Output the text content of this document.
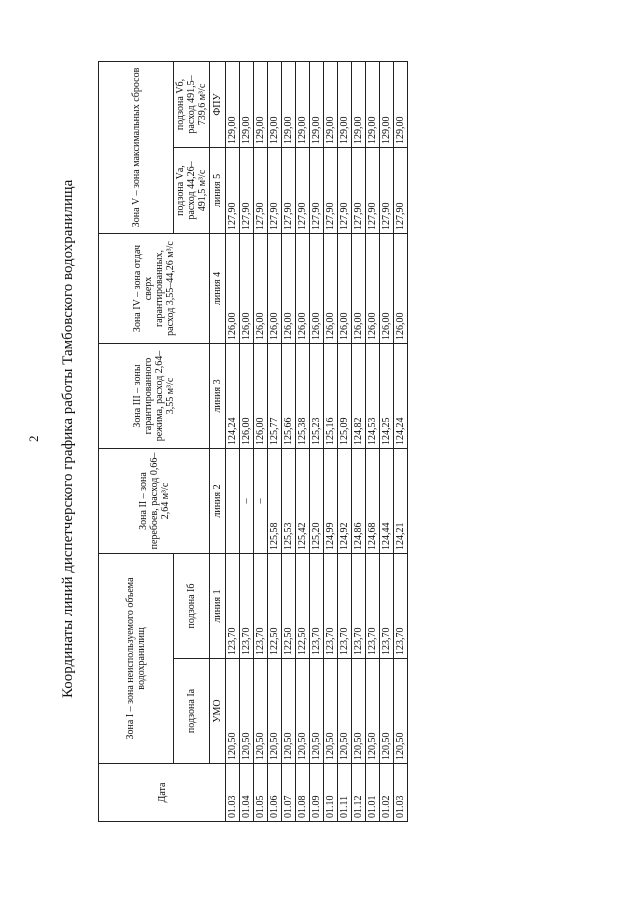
2 Координаты линий диспетчерского графика работы Тамбовского водохранилища
Дата	Зона I – зона неиспользуемого объема водохранилищ		Зона II – зона перебоев, расход 0,66–2,64 м³/с	Зона III – зоны гарантированного режима, расход 2,64–3,55 м³/с	Зона IV – зона отдач сверх гарантированных, расход 3,55–44,26 м³/с	Зона V – зона максимальных сбросов	
	подзона Iа	подзона Iб				подзона Vа, расход 44,26–491,5 м³/с	подзона Vб, расход 491,5–739,6 м³/с
	УМО	линия 1	линия 2	линия 3	линия 4	линия 5	ФПУ
01.03	120,50	123,70		124,24	126,00	127,90	129,00
01.04	120,50	123,70	–	126,00	126,00	127,90	129,00
01.05	120,50	123,70	–	126,00	126,00	127,90	129,00
01.06	120,50	122,50	125,58	125,77	126,00	127,90	129,00
01.07	120,50	122,50	125,53	125,66	126,00	127,90	129,00
01.08	120,50	122,50	125,42	125,38	126,00	127,90	129,00
01.09	120,50	123,70	125,20	125,23	126,00	127,90	129,00
01.10	120,50	123,70	124,99	125,16	126,00	127,90	129,00
01.11	120,50	123,70	124,92	125,09	126,00	127,90	129,00
01.12	120,50	123,70	124,86	124,82	126,00	127,90	129,00
01.01	120,50	123,70	124,68	124,53	126,00	127,90	129,00
01.02	120,50	123,70	124,44	124,25	126,00	127,90	129,00
01.03	120,50	123,70	124,21	124,24	126,00	127,90	129,00
